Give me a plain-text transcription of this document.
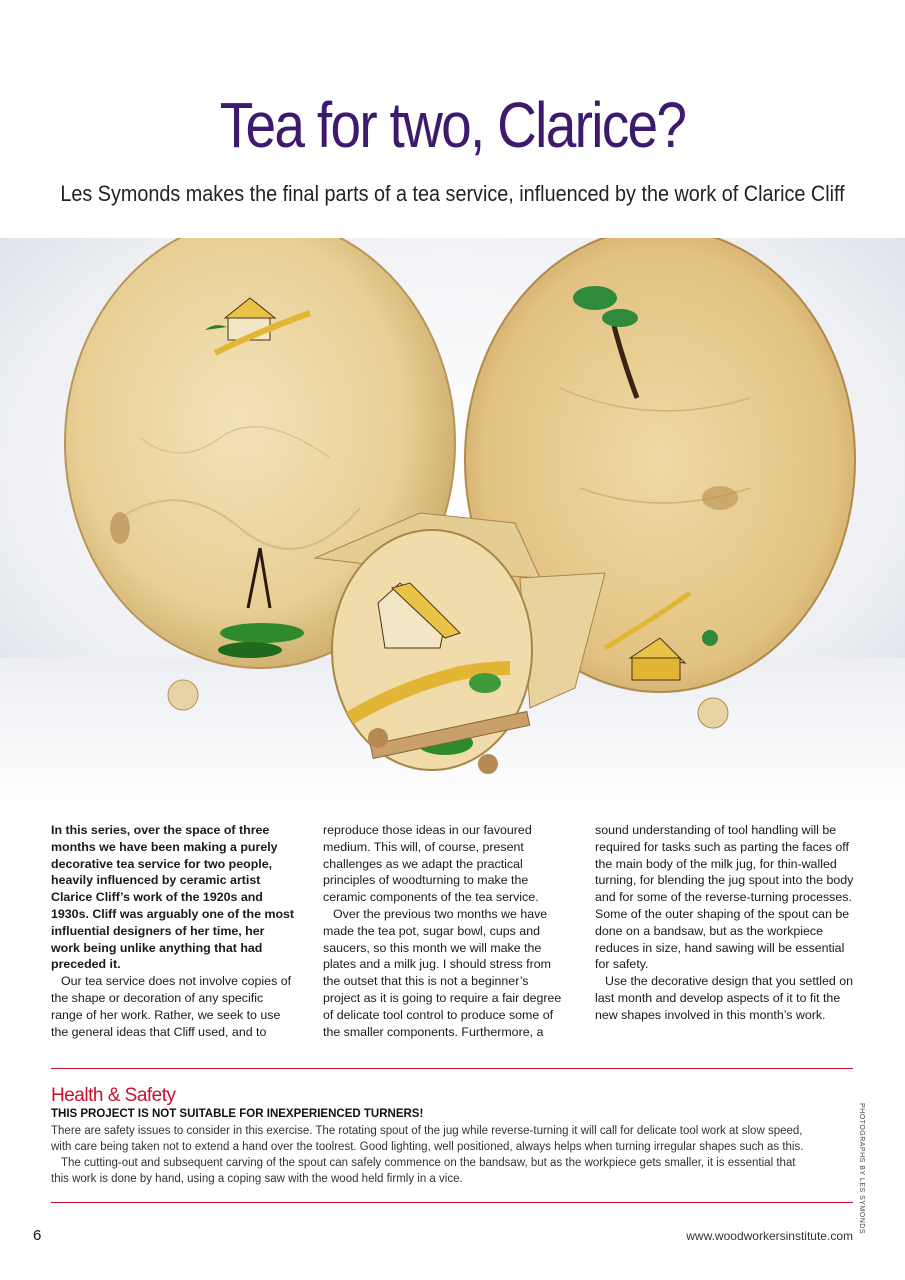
Tea for two, Clarice?
Les Symonds makes the final parts of a tea service, influenced by the work of Clarice Cliff

In this series, over the space of three months we have been making a purely decorative tea service for two people, heavily influenced by ceramic artist Clarice Cliff’s work of the 1920s and 1930s. Cliff was arguably one of the most influential designers of her time, her work being unlike anything that had preceded it.

Our tea service does not involve copies of the shape or decoration of any specific range of her work. Rather, we seek to use the general ideas that Cliff used, and to

reproduce those ideas in our favoured medium. This will, of course, present challenges as we adapt the practical principles of woodturning to make the ceramic components of the tea service.

Over the previous two months we have made the tea pot, sugar bowl, cups and saucers, so this month we will make the plates and a milk jug. I should stress from the outset that this is not a beginner’s project as it is going to require a fair degree of delicate tool control to produce some of the smaller components. Furthermore, a

sound understanding of tool handling will be required for tasks such as parting the faces off the main body of the milk jug, for thin-walled turning, for blending the jug spout into the body and for some of the reverse-turning processes. Some of the outer shaping of the spout can be done on a bandsaw, but as the workpiece reduces in size, hand sawing will be essential for safety.

Use the decorative design that you settled on last month and develop aspects of it to fit the new shapes involved in this month’s work.

Health & Safety
THIS PROJECT IS NOT SUITABLE FOR INEXPERIENCED TURNERS!

There are safety issues to consider in this exercise. The rotating spout of the jug while reverse-turning it will call for delicate tool work at slow speed, with care being taken not to extend a hand over the toolrest. Good lighting, well positioned, always helps when turning irregular shapes such as this.

The cutting-out and subsequent carving of the spout can safely commence on the bandsaw, but as the workpiece gets smaller, it is essential that this work is done by hand, using a coping saw with the wood held firmly in a vice.	PHOTOGRAPHS BY LES SYMONDS
6	www.woodworkersinstitute.com
